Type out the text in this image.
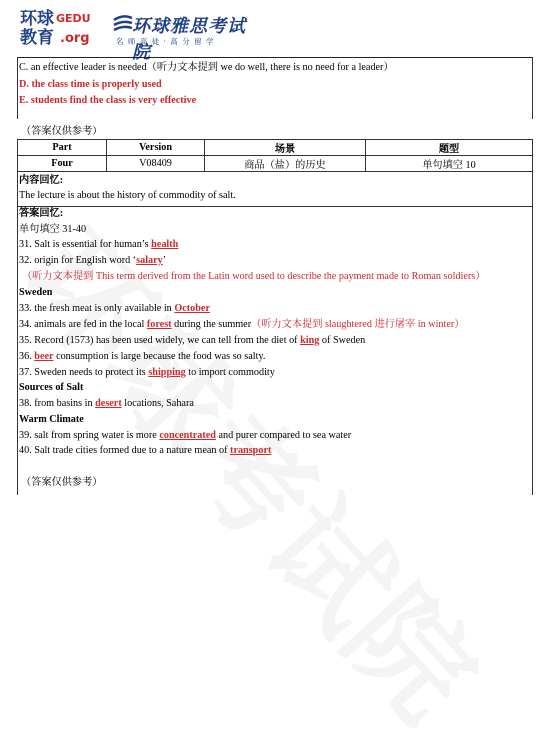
环球
教育
GEDU
.org
环球雅思考试院
名 师 高 徒 · 高 分 留 学
C. an effective leader is needed（听力文本提到 we do well, there is no need for a leader）
D. the class time is properly used
E. students find the class is very effective
（答案仅供参考）
Part	Version	场景	题型
Four	V08409	商品（盐）的历史	单句填空 10
内容回忆:
The lecture is about the history of commodity of salt.
答案回忆:
单句填空 31-40
31. Salt is essential for human’s health
32. origin for English word ‘salary’
（听力文本提到 This term derived from the Latin word used to describe the payment made to Roman soldiers）
Sweden
33. the fresh meat is only available in October
34. animals are fed in the local forest during the summer（听力文本提到 slaughtered 进行屠宰 in winter）
35. Record (1573) has been used widely, we can tell from the diet of king of Sweden
36. beer consumption is large because the food was so salty.
37. Sweden needs to protect its shipping to import commodity
Sources of Salt
38. from basins in desert locations, Sahara
Warm Climate
39. salt from spring water is more concentrated and purer compared to sea water
40. Salt trade cities formed due to a nature mean of transport
（答案仅供参考）
